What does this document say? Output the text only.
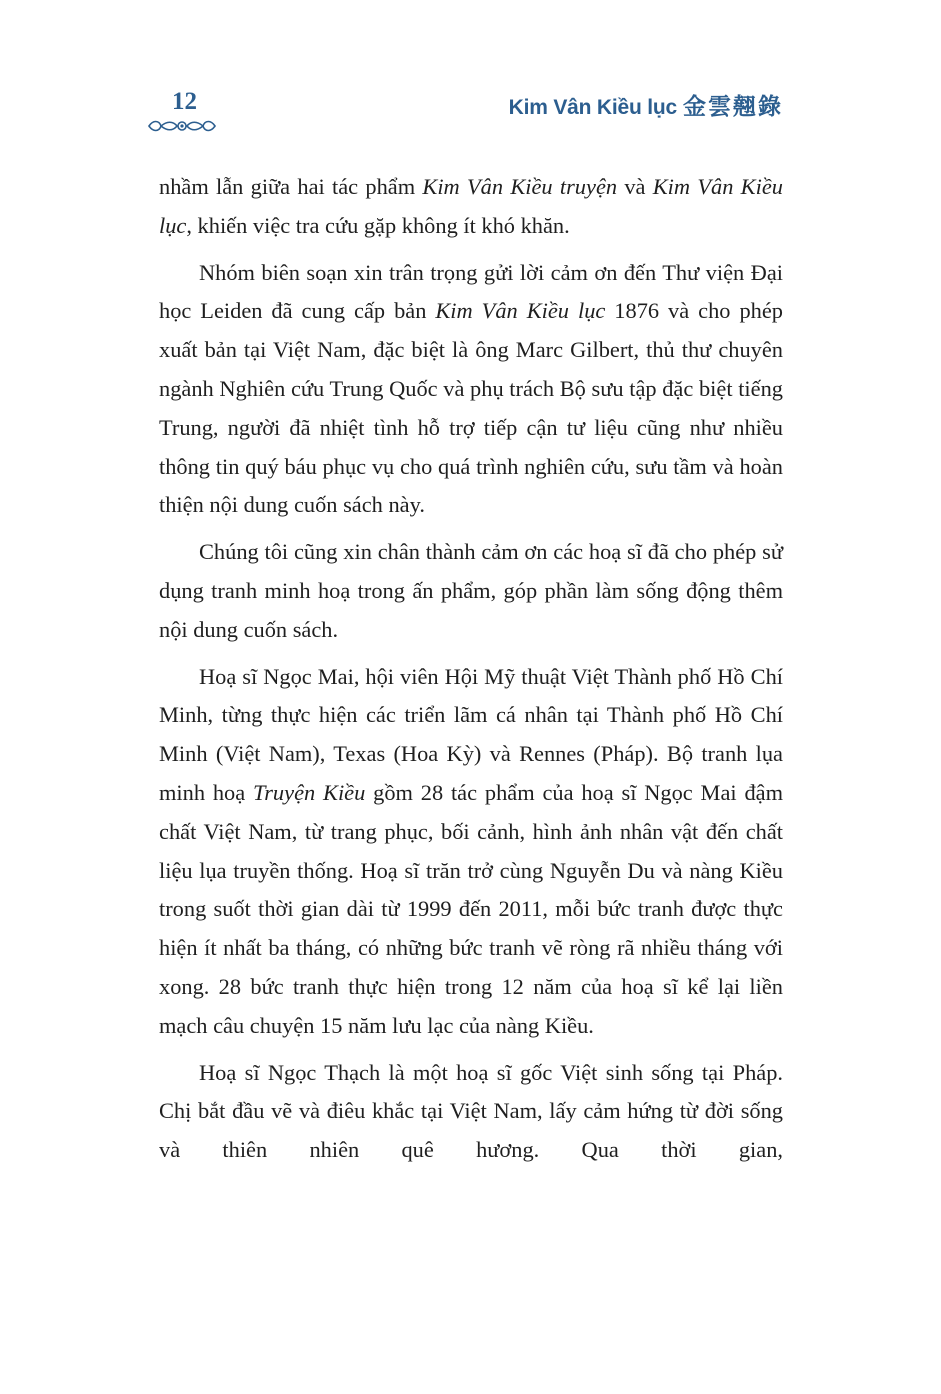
12	Kim Vân Kiều lục 金雲翹錄

nhầm lẫn giữa hai tác phẩm Kim Vân Kiều truyện và Kim Vân Kiều lục, khiến việc tra cứu gặp không ít khó khăn.

Nhóm biên soạn xin trân trọng gửi lời cảm ơn đến Thư viện Đại học Leiden đã cung cấp bản Kim Vân Kiều lục 1876 và cho phép xuất bản tại Việt Nam, đặc biệt là ông Marc Gilbert, thủ thư chuyên ngành Nghiên cứu Trung Quốc và phụ trách Bộ sưu tập đặc biệt tiếng Trung, người đã nhiệt tình hỗ trợ tiếp cận tư liệu cũng như nhiều thông tin quý báu phục vụ cho quá trình nghiên cứu, sưu tầm và hoàn thiện nội dung cuốn sách này.

Chúng tôi cũng xin chân thành cảm ơn các hoạ sĩ đã cho phép sử dụng tranh minh hoạ trong ấn phẩm, góp phần làm sống động thêm nội dung cuốn sách.

Hoạ sĩ Ngọc Mai, hội viên Hội Mỹ thuật Việt Thành phố Hồ Chí Minh, từng thực hiện các triển lãm cá nhân tại Thành phố Hồ Chí Minh (Việt Nam), Texas (Hoa Kỳ) và Rennes (Pháp). Bộ tranh lụa minh hoạ Truyện Kiều gồm 28 tác phẩm của hoạ sĩ Ngọc Mai đậm chất Việt Nam, từ trang phục, bối cảnh, hình ảnh nhân vật đến chất liệu lụa truyền thống. Hoạ sĩ trăn trở cùng Nguyễn Du và nàng Kiều trong suốt thời gian dài từ 1999 đến 2011, mỗi bức tranh được thực hiện ít nhất ba tháng, có những bức tranh vẽ ròng rã nhiều tháng với xong. 28 bức tranh thực hiện trong 12 năm của hoạ sĩ kể lại liền mạch câu chuyện 15 năm lưu lạc của nàng Kiều.

Hoạ sĩ Ngọc Thạch là một hoạ sĩ gốc Việt sinh sống tại Pháp. Chị bắt đầu vẽ và điêu khắc tại Việt Nam, lấy cảm hứng từ đời sống và thiên nhiên quê hương. Qua thời gian,
